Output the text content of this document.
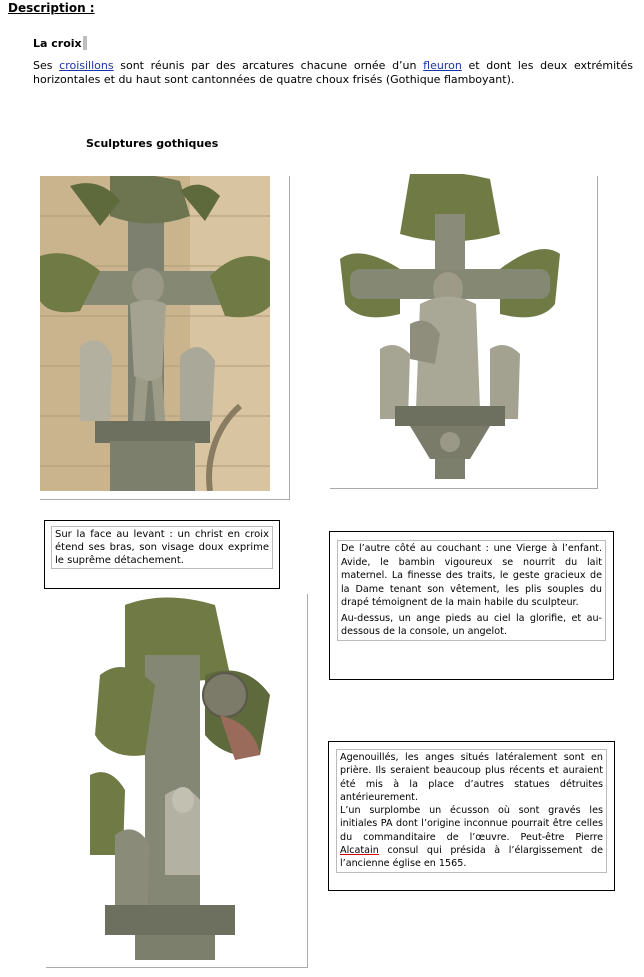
Description :
La croix
Ses croisillons sont réunis par des arcatures chacune ornée d’un fleuron et dont les deux extrémités horizontales et du haut sont cantonnées de quatre choux frisés (Gothique flamboyant).
Sculptures gothiques

Sur la face au levant : un christ en croix étend ses bras, son visage doux exprime le suprême détachement.

De l’autre côté au couchant : une Vierge à l’enfant. Avide, le bambin vigoureux se nourrit du lait maternel. La finesse des traits, le geste gracieux de la Dame tenant son vêtement, les plis souples du drapé témoignent de la main habile du sculpteur.

Au-dessus, un ange pieds au ciel la glorifie, et au-dessous de la console, un angelot.

Agenouillés, les anges situés latéralement sont en prière. Ils seraient beaucoup plus récents et auraient été mis à la place d’autres statues détruites antérieurement.

L’un surplombe un écusson où sont gravés les initiales PA dont l’origine inconnue pourrait être celles du commanditaire de l’œuvre. Peut-être Pierre Alcatain consul qui présida à l’élargissement de l’ancienne église en 1565.
